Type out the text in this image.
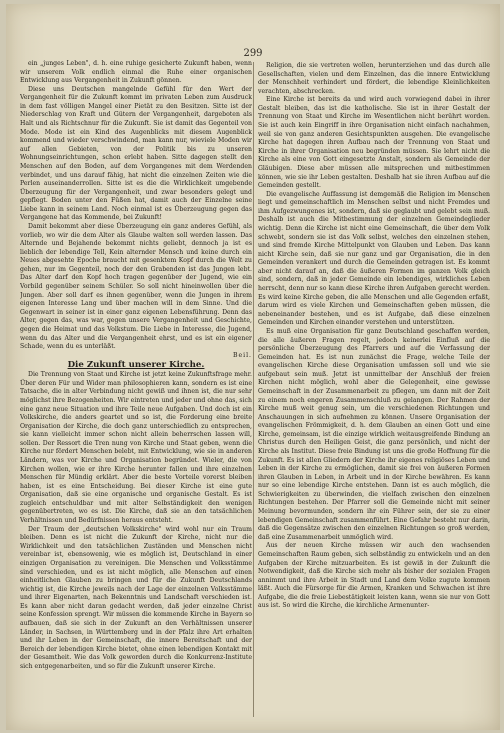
299

ein „junges Leben", d. h. eine ruhige gesicherte Zukunft haben, wenn wir unserem Volk endlich einmal die Ruhe einer organischen Entwicklung aus Vergangenheit in Zukunft gönnen.

Diese uns Deutschen mangelnde Gefühl für den Wert der Vergangenheit für die Zukunft kommt im privaten Leben zum Ausdruck in dem fast völligen Mangel einer Pietät zu den Besitzen. Sitte ist der Niederschlag von Kraft und Gütern der Vergangenheit, dargeboten als Halt und als Richtschnur für die Zukunft. Sie ist damit das Gegenteil von Mode. Mode ist ein Kind des Augenblicks mit diesem Augenblick kommend und wieder verschwindend, man kann nur, wieviele Moden wir auf allen Gebieten, von der Politik bis zu unseren Wohnungseinrichtungen, schon erlebt haben. Sitte dagegen stellt den Menschen auf den Boden, auf dem Vorgangenes mit dem Werdenden verbindet, und uns darauf fähig, hat nicht die einzelnen Zeiten wie die Perlen auseinanderrollen. Sitte ist es die die Wirklichkeit umgebende Überzeugung für der Vergangenheit, und zwar besonders gelegt und gepflegt. Boden unter den Füßen hat, damit auch der Einzelne seine Liebe kann in seinem Land. Noch einmal ist es Überzeugung gegen das Vergangene hat das Kommende, bei Zukunft!

Damit bekommt aber diese Überzeugung ein ganz anderes Gefühl, als vorlieb, wo wir die dem Alter als Glaube walten soll werden lassen. Das Alternde und Bejahende bekommt nichts geliebt, dennoch ja ist es lieblich der lebendige Tell, Kein alternder Mensch und keine durch ein Neues abgesehte Epoche braucht mit gesenktem Kopf durch die Welt zu gehen, nur im Gegenteil, noch der den Grabenden ist das Jungen lebt. Das Alter darf den Kopf hoch tragen gegenüber der Jugend, wie ein Vorbild gegenüber seinem Schüler. So soll nicht hineinwollen über die Jungen. Aber soll darf es ihnen gegenüber, wenn die Jungen in ihrem eigenen Interesse Lang und über machen will in dem Sinne. Und die Gegenwart in seiner ist in einer ganz eigenen Lebensführung. Denn das Alter, gegen das, was war, gegen unsere Vergangenheit und Geschichte, gegen die Heimat und das Volkstum. Die Liebe in Interesse, die Jugend, wenn du das Alter und die Vergangenheit ehrst, und es ist ein eigener Schade, wenn du es unterläßt.

Beil.

Die Zukunft unserer Kirche.

Die Trennung von Staat und Kirche ist jetzt keine Zukunftsfrage mehr. Über deren Für und Wider man philosophieren kann, sondern es ist eine Tatsache, die in alter Verbindung nicht gewiß und ihnen ist, die nur sehr möglichst ihre Bezogenheiten. Wir eintreten und jeder und ohne das, sich eine ganz neue Situation und ihre Teile neue Aufgaben. Und doch ist ein Volkskirche, die anders geartet und so ist, die Forderung eine breite Organisation der Kirche, die doch ganz unterschiedlich zu entsprechen, sie kann vielleicht immer schon nicht allein beherrschen lassen will, sollen. Der Ressort die Tren nung von Kirche und Staat geben, wenn die Kirche nur fördert Menschen belebt, mit Entwicklung, wie sie in anderen Ländern, was vor Kirche und Organisation begründet. Wieler, die von Kirchen wollen, wie er ihre Kirche herunter fallen und ihre einzelnen Menschen für Mündig erklärt. Aber die beste Vorteile vorerst bleiben haben, ist es eine Entscheidung. Bei dieser Kirche ist eine gute Organisation, daß sie eine organische und organische Gestalt. Es ist zugleich entschuldbar und mit alter Selbständigkeit den wenigen gegenübertreten, wo es ist. Die Kirche, daß sie an den tatsächlichen Verhältnissen und Bedürfnissen heraus entsteht.

Der Traum der „deutschen Volkskirche" wird wohl nur ein Traum bleiben. Denn es ist nicht die Zukunft der Kirche, nicht nur die Wirklichkeit und den tatsächlichen Zuständen und Menschen nicht vereinbar ist, ebensowenig, wie es möglich ist, Deutschland in einer einzigen Organisation zu vereinigen. Die Menschen und Volksstämme sind verschieden, und es ist nicht möglich, alle Menschen auf einen einheitlichen Glauben zu bringen und für die Zukunft Deutschlands wichtig ist, die Kirche jeweils nach der Lage der einzelnen Volksstämme und ihrer Eigenarten, nach Bekenntnis und Landschaft verschieden ist. Es kann aber nicht daran gedacht werden, daß jeder einzelne Christ seine Konfession sprengt. Wir müssen die kommende Kirche in Bayern so aufbauen, daß sie sich in der Zukunft an den Verhältnissen unserer Länder, in Sachsen, in Württemberg und in der Pfalz ihre Art erhalten und ihr Leben in der Gemeinschaft, die innere Bereitschaft und der Bereich der lebendigen Kirche bietet, ohne einen lebendigen Kontakt mit der Gesamtheit. Wie das Volk geworden durch die Konkurrenz-Institute sich entgegenarbeiten, und so für die Zukunft unserer Kirche.

Religion, die sie vertreten wollen, herunterziehen und das durch alle Gesellschaften, vielen und dem Einzelnen, das die innere Entwicklung der Menschheit verhindert und fördert, die lebendige Kleinlichkeiten verachten, abschrecken.

Eine Kirche ist bereits da und wird auch vorwiegend dabei in ihrer Gestalt bleiben, das ist die katholische. Sie ist in ihrer Gestalt der Trennung von Staat und Kirche im Wesentlichen nicht berührt worden. Sie ist auch kein Eingriff in ihre Organisation nicht einfach nachahmen, weil sie von ganz anderen Gesichtspunkten ausgehen. Die evangelische Kirche hat dagegen ihren Aufbau nach der Trennung von Staat und Kirche in ihrer Organisation neu begründen müssen. Sie lehrt nicht die Kirche als eine von Gott eingesetzte Anstalt, sondern als Gemeinde der Gläubigen. Diese aber müssen alle mitsprechen und mitbestimmen können, wie sie ihr Leben gestalten. Deshalb hat sie ihren Aufbau auf die Gemeinden gestellt.

Die evangelische Auffassung ist demgemäß die Religion im Menschen liegt und gemeinschaftlich im Menschen selbst und nicht Fremdes und ihm Aufgezwungenes ist, sondern, daß sie geglaubt und gelebt sein muß. Deshalb ist auch die Mitbestimmung der einzelnen Gemeindeglieder wichtig. Denn die Kirche ist nicht eine Gemeinschaft, die über dem Volk schwebt, sondern sie ist das Volk selbst, welches den einzelnen stehen, und sind fremde Kirche Mittelpunkt von Glauben und Leben. Das kann nicht Kirche sein, daß sie nur ganz und gar Organisation, die in den Gemeinden verankert und durch die Gemeinden getragen ist. Es kommt aber nicht darauf an, daß die äußeren Formen im ganzen Volk gleich sind, sondern, daß in jeder Gemeinde ein lebendiges, wirkliches Leben herrscht, denn nur so kann diese Kirche ihren Aufgaben gerecht werden. Es wird keine Kirche geben, die alle Menschen und alle Gegenden erfaßt, darum wird es viele Kirchen und Gemeinschaften geben müssen, die nebeneinander bestehen, und es ist Aufgabe, daß diese einzelnen Gemeinden und Kirchen einander verstehen und unterstützen.

Es muß eine Organisation für ganz Deutschland geschaffen werden, die alle äußeren Fragen regelt, jedoch keinerlei Einfluß auf die persönliche Überzeugung des Pfarrers und auf die Verfassung der Gemeinden hat. Es ist nun zunächst die Frage, welche Teile der evangelischen Kirche diese Organisation umfassen soll und wie sie aufgebaut sein muß. Jetzt ist unmittelbar der Anschluß der freien Kirchen nicht möglich, wohl aber die Gelegenheit, eine gewisse Gemeinschaft in der Zusammenarbeit zu pflegen, um dann mit der Zeit zu einem noch engeren Zusammenschluß zu gelangen. Der Rahmen der Kirche muß weit genug sein, um die verschiedenen Richtungen und Anschauungen in sich aufnehmen zu können. Unsere Organisation der evangelischen Frömmigkeit, d. h. dem Glauben an einen Gott und eine Kirche, gemeinsam, ist die einzige wirklich weitausgreifende Bindung an Christus durch den Heiligen Geist, die ganz persönlich, und nicht der Kirche als Institut. Diese freie Bindung ist uns die große Hoffnung für die Zukunft. Es ist allen Gliedern der Kirche ihr eigenes religiöses Leben und Leben in der Kirche zu ermöglichen, damit sie frei von äußeren Formen ihren Glauben in Leben, in Arbeit und in der Kirche bewähren. Es kann nur so eine lebendige Kirche entstehen. Dann ist es auch möglich, die Schwierigkeiten zu überwinden, die vielfach zwischen den einzelnen Richtungen bestehen. Der Pfarrer soll die Gemeinde nicht mit seiner Meinung bevormunden, sondern ihr ein Führer sein, der sie zu einer lebendigen Gemeinschaft zusammenführt. Eine Gefahr besteht nur darin, daß die Gegensätze zwischen den einzelnen Richtungen so groß werden, daß eine Zusammenarbeit unmöglich wird.

Aus der neuen Kirche müssen wir auch den wachsenden Gemeinschaften Raum geben, sich selbständig zu entwickeln und an den Aufgaben der Kirche mitzuarbeiten. Es ist gewiß in der Zukunft die Notwendigkeit, daß die Kirche sich mehr als bisher der sozialen Fragen annimmt und ihre Arbeit in Stadt und Land dem Volke zugute kommen läßt. Auch die Fürsorge für die Armen, Kranken und Schwachen ist ihre Aufgabe, die die freie Liebestätigkeit leisten kann, wenn sie nur von Gott aus ist. So wird die Kirche, die kirchliche Armenunter-
